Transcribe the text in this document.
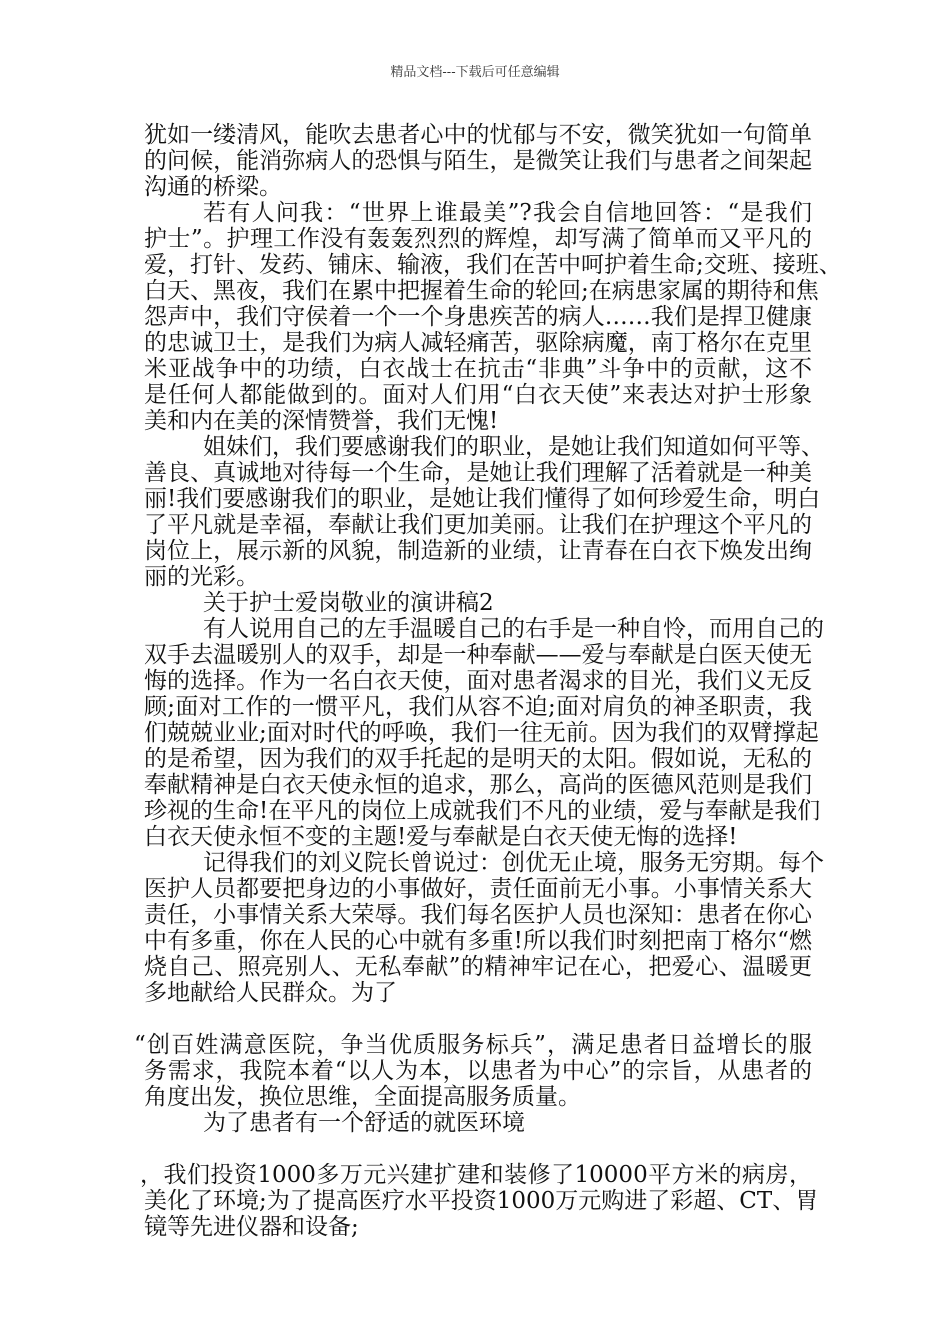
精品文档---下载后可任意编辑
犹如一缕清风，能吹去患者心中的忧郁与不安，微笑犹如一句简单
的问候，能消弥病人的恐惧与陌生，是微笑让我们与患者之间架起
沟通的桥梁。
若有人问我：“世界上谁最美”?我会自信地回答：“是我们
护士”。护理工作没有轰轰烈烈的辉煌，却写满了简单而又平凡的
爱，打针、发药、铺床、输液，我们在苦中呵护着生命;交班、接班、
白天、黑夜，我们在累中把握着生命的轮回;在病患家属的期待和焦
怨声中，我们守侯着一个一个身患疾苦的病人……我们是捍卫健康
的忠诚卫士，是我们为病人减轻痛苦，驱除病魔，南丁格尔在克里
米亚战争中的功绩，白衣战士在抗击“非典”斗争中的贡献，这不
是任何人都能做到的。面对人们用“白衣天使”来表达对护士形象
美和内在美的深情赞誉，我们无愧!
姐妹们，我们要感谢我们的职业，是她让我们知道如何平等、
善良、真诚地对待每一个生命，是她让我们理解了活着就是一种美
丽!我们要感谢我们的职业，是她让我们懂得了如何珍爱生命，明白
了平凡就是幸福，奉献让我们更加美丽。让我们在护理这个平凡的
岗位上，展示新的风貌，制造新的业绩，让青春在白衣下焕发出绚
丽的光彩。
关于护士爱岗敬业的演讲稿2
有人说用自己的左手温暖自己的右手是一种自怜，而用自己的
双手去温暖别人的双手，却是一种奉献——爱与奉献是白医天使无
悔的选择。作为一名白衣天使，面对患者渴求的目光，我们义无反
顾;面对工作的一惯平凡，我们从容不迫;面对肩负的神圣职责，我
们兢兢业业;面对时代的呼唤，我们一往无前。因为我们的双臂撑起
的是希望，因为我们的双手托起的是明天的太阳。假如说，无私的
奉献精神是白衣天使永恒的追求，那么，高尚的医德风范则是我们
珍视的生命!在平凡的岗位上成就我们不凡的业绩，爱与奉献是我们
白衣天使永恒不变的主题!爱与奉献是白衣天使无悔的选择!
记得我们的刘义院长曾说过：创优无止境，服务无穷期。每个
医护人员都要把身边的小事做好，责任面前无小事。小事情关系大
责任，小事情关系大荣辱。我们每名医护人员也深知：患者在你心
中有多重，你在人民的心中就有多重!所以我们时刻把南丁格尔“燃
烧自己、照亮别人、无私奉献”的精神牢记在心，把爱心、温暖更
多地献给人民群众。为了
“创百姓满意医院，争当优质服务标兵”，满足患者日益增长的服
务需求，我院本着“以人为本，以患者为中心”的宗旨，从患者的
角度出发，换位思维，全面提高服务质量。
为了患者有一个舒适的就医环境
，我们投资1000多万元兴建扩建和装修了10000平方米的病房，
美化了环境;为了提高医疗水平投资1000万元购进了彩超、CT、胃
镜等先进仪器和设备;
